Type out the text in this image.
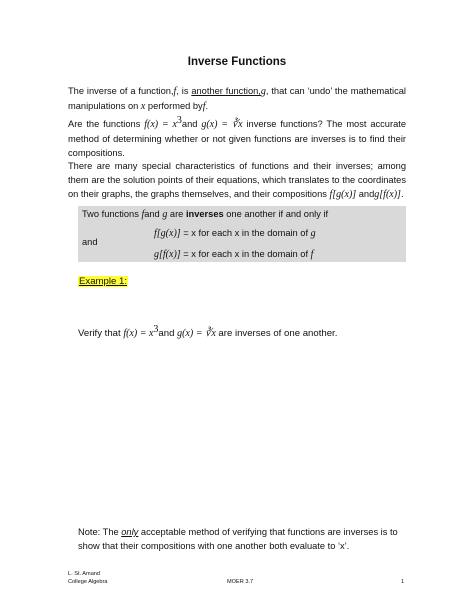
Inverse Functions
The inverse of a function,f, is another function,g, that can ‘undo’ the mathematical manipulations on x performed byf.
Are the functions $f(x) = x^3and$ g(x) = ∛x inverse functions? The most accurate method of determining whether or not given functions are inverses is to find their compositions.
There are many special characteristics of functions and their inverses; among them are the solution points of their equations, which translates to the coordinates on their graphs, the graphs themselves, and their compositions f[g(x)] andg[f(x)].
Two functions fand g are inverses one another if and only if
f[g(x)] = x for each x in the domain of g
and
g[f(x)] = x for each x in the domain of f
Example 1:
Verify that $f(x) = x^3and$ g(x) = ∛x are inverses of one another.
Note: The only acceptable method of verifying that functions are inverses is to show that their compositions with one another both evaluate to ‘x’.
L. St. Amand
College Algebra	MOER 3.7	1
